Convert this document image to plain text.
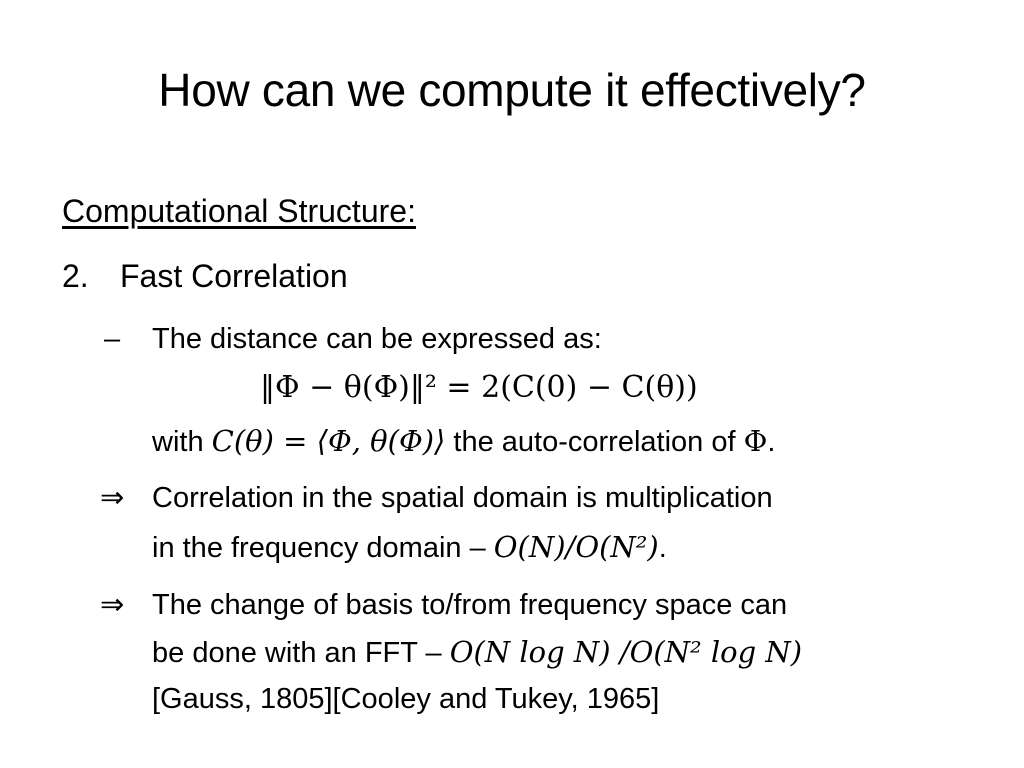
How can we compute it effectively?
Computational Structure:
2. Fast Correlation
–	The distance can be expressed as:
‖Φ − θ(Φ)‖² = 2(C(0) − C(θ))
with C(θ) = ⟨Φ, θ(Φ)⟩ the auto-correlation of Φ.
⇒ Correlation in the spatial domain is multiplication
in the frequency domain – O(N)/O(N²).
⇒ The change of basis to/from frequency space can
be done with an FFT – O(N log N) /O(N² log N)
[Gauss, 1805][Cooley and Tukey, 1965]
